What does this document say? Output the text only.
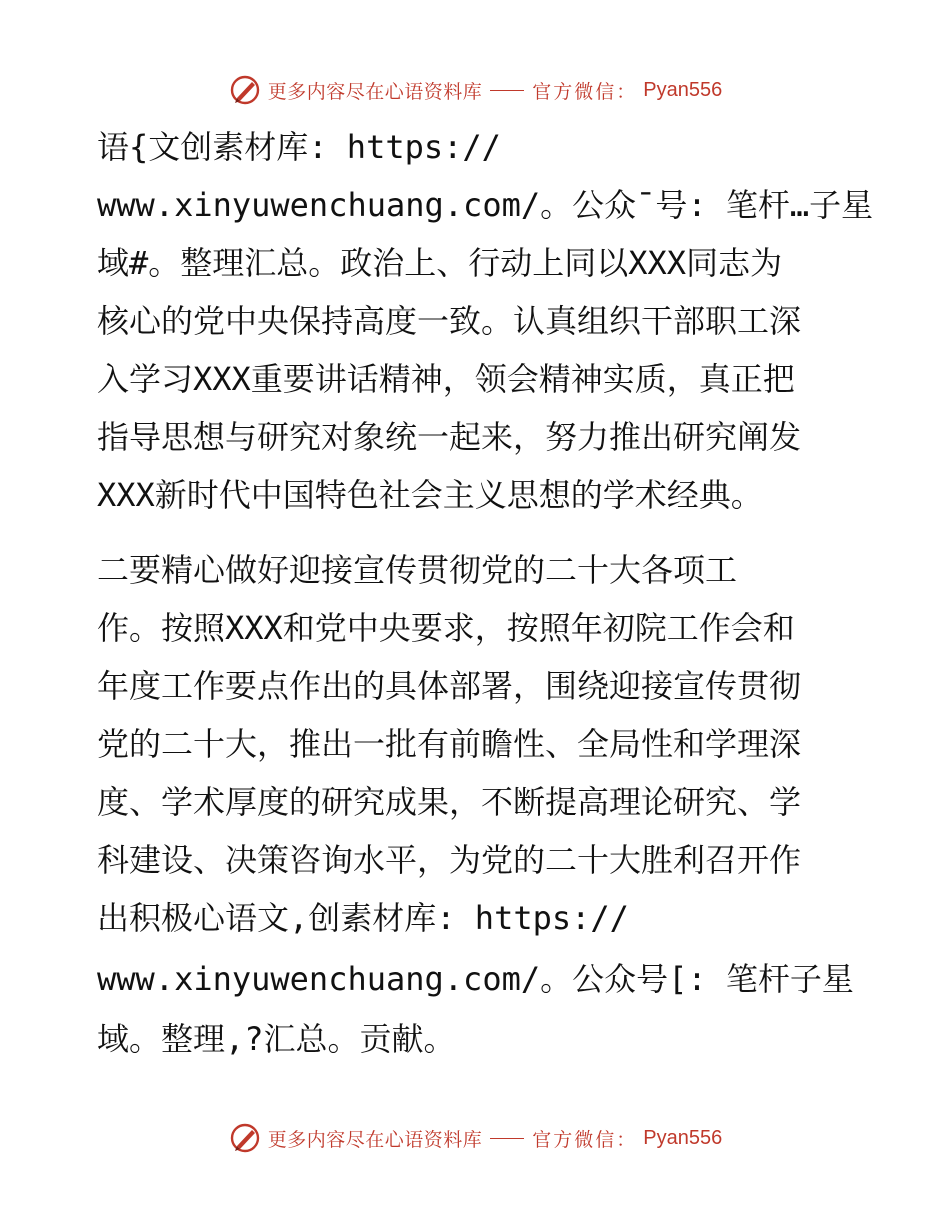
更多内容尽在心语资料库	官方微信： Pyan556
语{文创素材库: https://
www.xinyuwenchuang.com/。公众¯号: 笔杆…子星
域#。整理汇总。政治上、行动上同以XXX同志为
核心的党中央保持高度一致。认真组织干部职工深
入学习XXX重要讲话精神，领会精神实质，真正把
指导思想与研究对象统一起来，努力推出研究阐发
XXX新时代中国特色社会主义思想的学术经典。
二要精心做好迎接宣传贯彻党的二十大各项工
作。按照XXX和党中央要求，按照年初院工作会和
年度工作要点作出的具体部署，围绕迎接宣传贯彻
党的二十大，推出一批有前瞻性、全局性和学理深
度、学术厚度的研究成果，不断提高理论研究、学
科建设、决策咨询水平，为党的二十大胜利召开作
出积极心语文,创素材库: https://
www.xinyuwenchuang.com/。公众号[: 笔杆子星
域。整理,?汇总。贡献。
更多内容尽在心语资料库	官方微信： Pyan556
